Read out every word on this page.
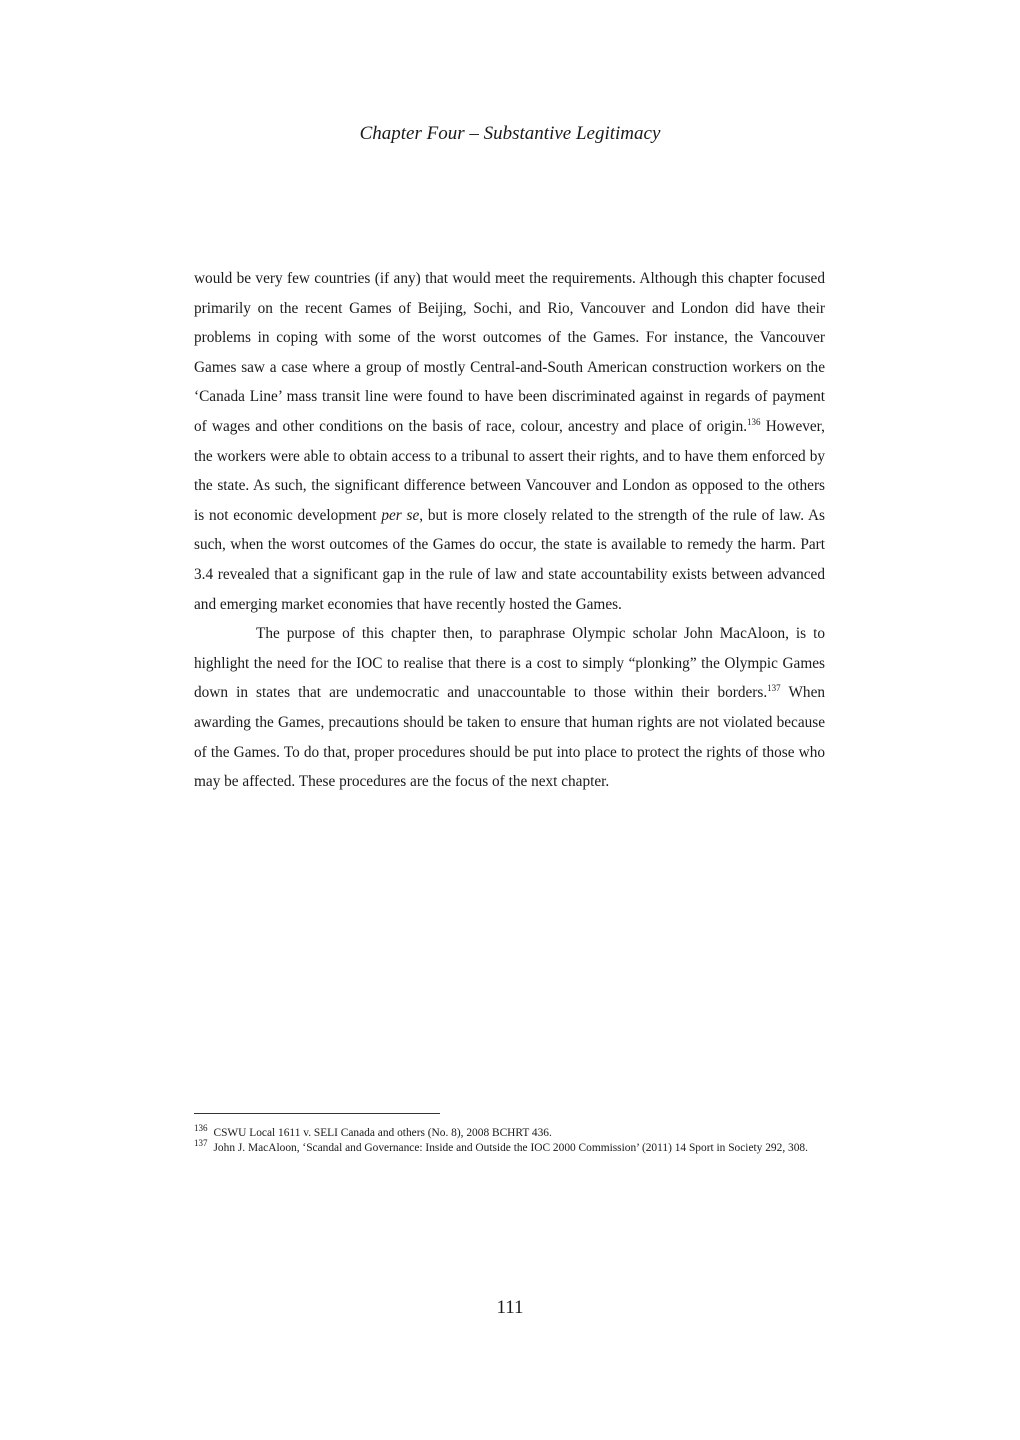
Chapter Four – Substantive Legitimacy

would be very few countries (if any) that would meet the requirements. Although this chapter focused primarily on the recent Games of Beijing, Sochi, and Rio, Vancouver and London did have their problems in coping with some of the worst outcomes of the Games. For instance, the Vancouver Games saw a case where a group of mostly Central-and-South American construction workers on the ‘Canada Line’ mass transit line were found to have been discriminated against in regards of payment of wages and other conditions on the basis of race, colour, ancestry and place of origin.$^{136}$ However, the workers were able to obtain access to a tribunal to assert their rights, and to have them enforced by the state. As such, the significant difference between Vancouver and London as opposed to the others is not economic development per se, but is more closely related to the strength of the rule of law. As such, when the worst outcomes of the Games do occur, the state is available to remedy the harm. Part 3.4 revealed that a significant gap in the rule of law and state accountability exists between advanced and emerging market economies that have recently hosted the Games.

The purpose of this chapter then, to paraphrase Olympic scholar John MacAloon, is to highlight the need for the IOC to realise that there is a cost to simply “plonking” the Olympic Games down in states that are undemocratic and unaccountable to those within their borders.$^{137}$ When awarding the Games, precautions should be taken to ensure that human rights are not violated because of the Games. To do that, proper procedures should be put into place to protect the rights of those who may be affected. These procedures are the focus of the next chapter.

$^{136}$ CSWU Local 1611 v. SELI Canada and others (No. 8), 2008 BCHRT 436.

$^{137}$ John J. MacAloon, ‘Scandal and Governance: Inside and Outside the IOC 2000 Commission’ (2011) 14 Sport in Society 292, 308.

111
